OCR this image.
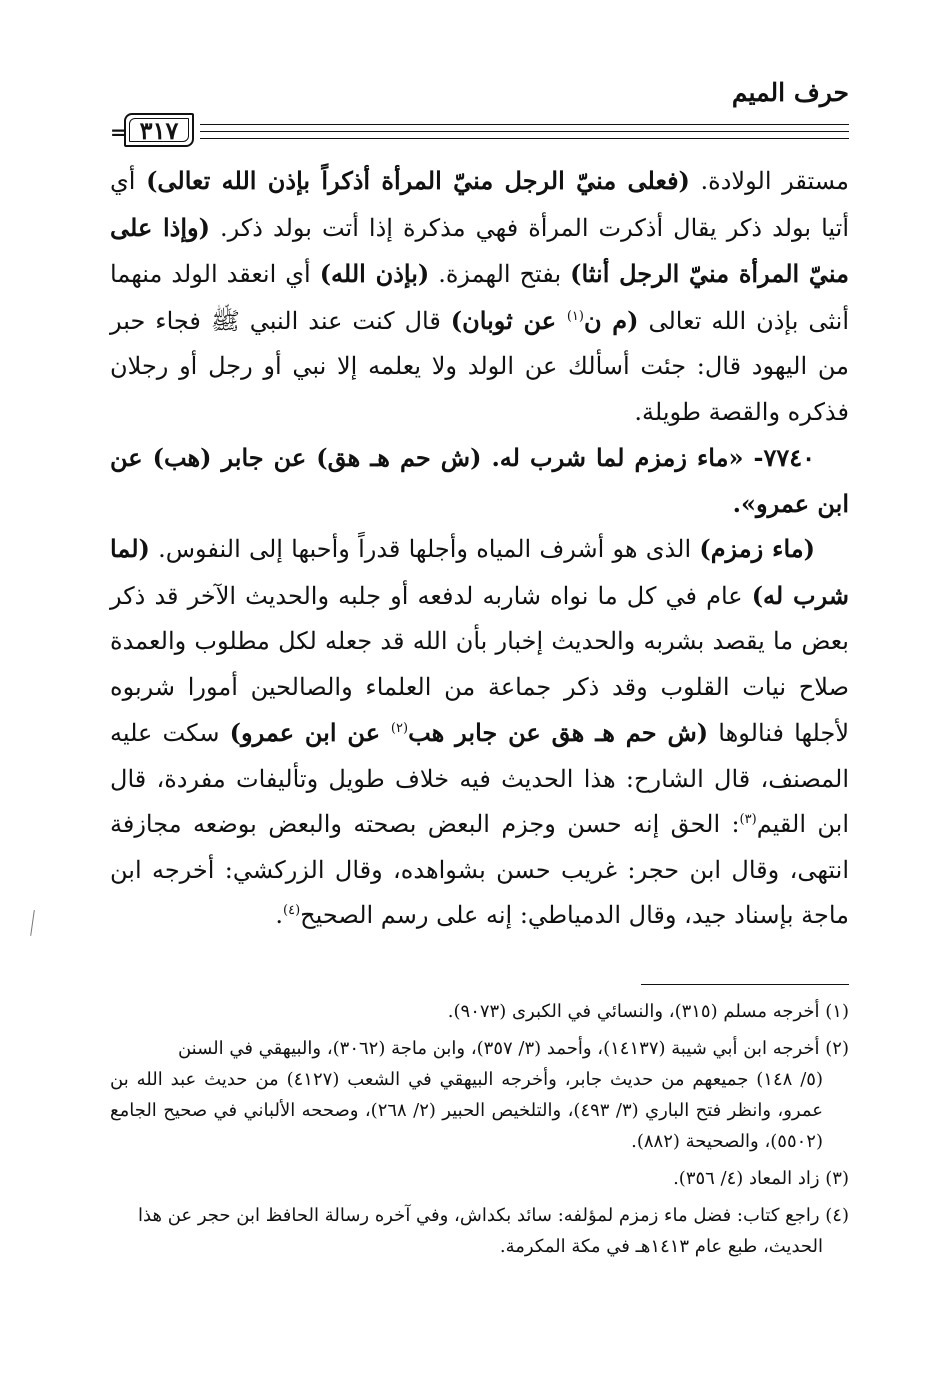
حرف الميم
٣١٧
=

مستقر الولادة. (فعلى منيّ الرجل منيّ المرأة أذكراً بإذن الله تعالى) أي أتيا بولد ذكر يقال أذكرت المرأة فهي مذكرة إذا أتت بولد ذكر. (وإذا على منيّ المرأة منيّ الرجل أنثا) بفتح الهمزة. (بإذن الله) أي انعقد الولد منهما أنثى بإذن الله تعالى (م ن$^{(١)}$ عن ثوبان) قال كنت عند النبي ﷺ فجاء حبر من اليهود قال: جئت أسألك عن الولد ولا يعلمه إلا نبي أو رجل أو رجلان فذكره والقصة طويلة.

٧٧٤٠- «ماء زمزم لما شرب له. (ش حم هـ هق) عن جابر (هب) عن ابن عمرو».

(ماء زمزم) الذى هو أشرف المياه وأجلها قدراً وأحبها إلى النفوس. (لما شرب له) عام في كل ما نواه شاربه لدفعه أو جلبه والحديث الآخر قد ذكر بعض ما يقصد بشربه والحديث إخبار بأن الله قد جعله لكل مطلوب والعمدة صلاح نيات القلوب وقد ذكر جماعة من العلماء والصالحين أمورا شربوه لأجلها فنالوها (ش حم هـ هق عن جابر هب$^{(٢)}$ عن ابن عمرو) سكت عليه المصنف، قال الشارح: هذا الحديث فيه خلاف طويل وتأليفات مفردة، قال ابن القيم$^{(٣)}$: الحق إنه حسن وجزم البعض بصحته والبعض بوضعه مجازفة انتهى، وقال ابن حجر: غريب حسن بشواهده، وقال الزركشي: أخرجه ابن ماجة بإسناد جيد، وقال الدمياطي: إنه على رسم الصحيح$^{(٤)}$.

(١) أخرجه مسلم (٣١٥)، والنسائي في الكبرى (٩٠٧٣).

(٢) أخرجه ابن أبي شيبة (١٤١٣٧)، وأحمد (٣/ ٣٥٧)، وابن ماجة (٣٠٦٢)، والبيهقي في السنن

(٥/ ١٤٨) جميعهم من حديث جابر، وأخرجه البيهقي في الشعب (٤١٢٧) من حديث عبد الله بن عمرو، وانظر فتح الباري (٣/ ٤٩٣)، والتلخيص الحبير (٢/ ٢٦٨)، وصححه الألباني في صحيح الجامع (٥٥٠٢)، والصحيحة (٨٨٢).

(٣) زاد المعاد (٤/ ٣٥٦).

(٤) راجع كتاب: فضل ماء زمزم لمؤلفه: سائد بكداش، وفي آخره رسالة الحافظ ابن حجر عن هذا

الحديث، طبع عام ١٤١٣هـ في مكة المكرمة.
